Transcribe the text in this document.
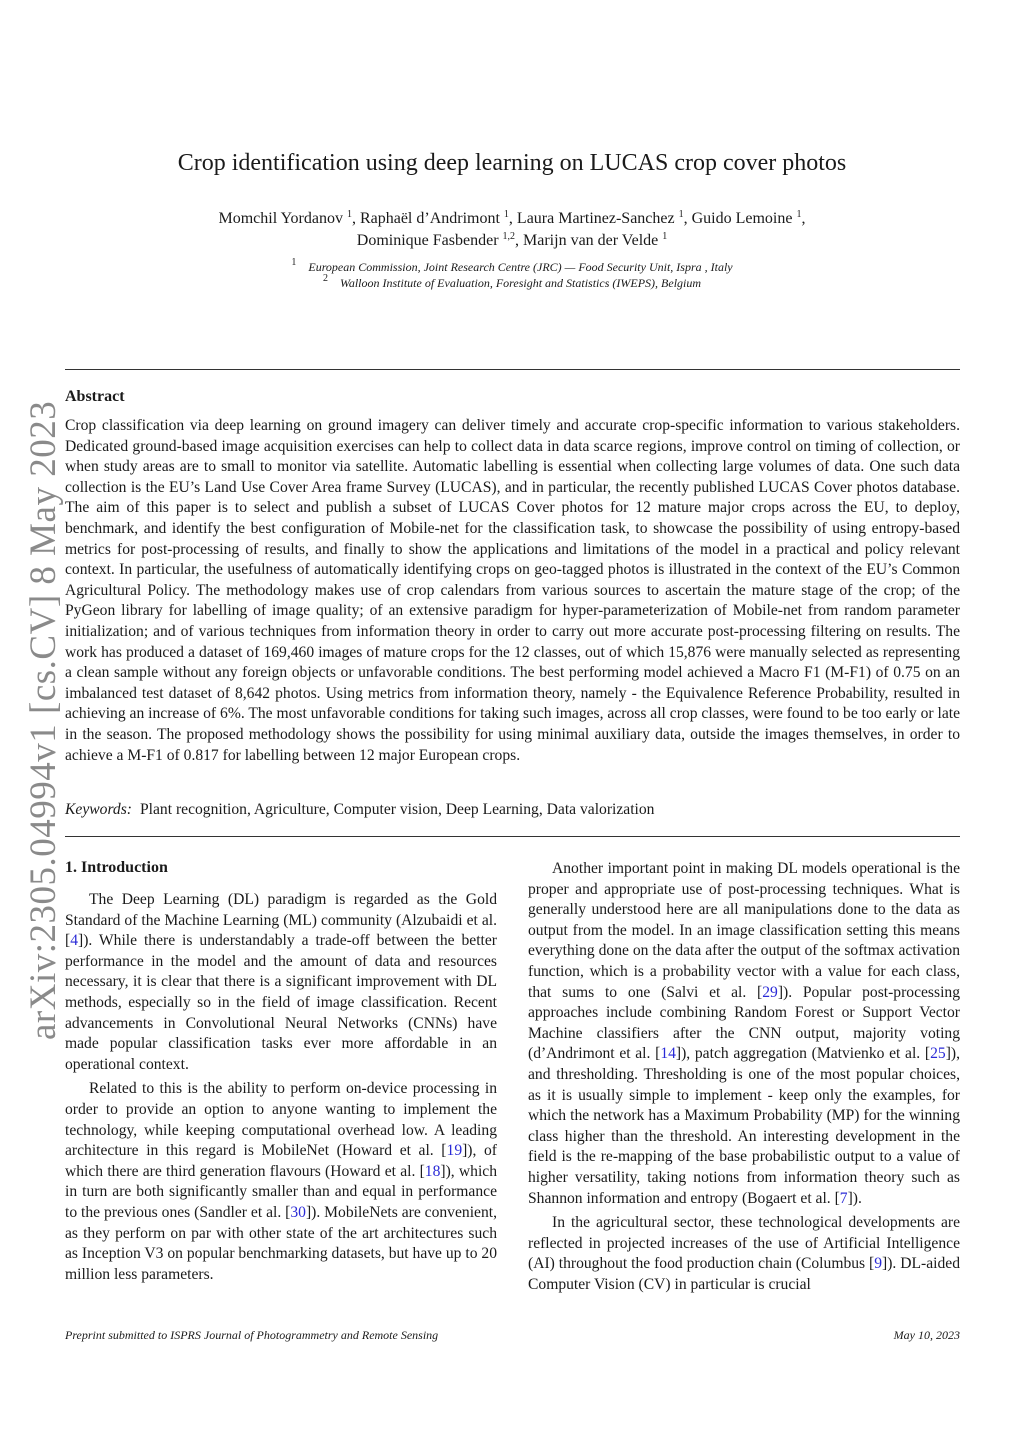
arXiv:2305.04994v1 [cs.CV] 8 May 2023
Crop identification using deep learning on LUCAS crop cover photos
Momchil Yordanov $^1$, Raphaël d’Andrimont $^1$, Laura Martinez-Sanchez $^1$, Guido Lemoine $^1$,
Dominique Fasbender $^{1,2}$, Marijn van der Velde $^1$
$^1$ European Commission, Joint Research Centre (JRC) — Food Security Unit, Ispra , Italy
$^2$ Walloon Institute of Evaluation, Foresight and Statistics (IWEPS), Belgium
Abstract

Crop classification via deep learning on ground imagery can deliver timely and accurate crop-specific information to various stakeholders. Dedicated ground-based image acquisition exercises can help to collect data in data scarce regions, improve control on timing of collection, or when study areas are to small to monitor via satellite. Automatic labelling is essential when collecting large volumes of data. One such data collection is the EU’s Land Use Cover Area frame Survey (LUCAS), and in particular, the recently published LUCAS Cover photos database. The aim of this paper is to select and publish a subset of LUCAS Cover photos for 12 mature major crops across the EU, to deploy, benchmark, and identify the best configuration of Mobile-net for the classification task, to showcase the possibility of using entropy-based metrics for post-processing of results, and finally to show the applications and limitations of the model in a practical and policy relevant context. In particular, the usefulness of automatically identifying crops on geo-tagged photos is illustrated in the context of the EU’s Common Agricultural Policy. The methodology makes use of crop calendars from various sources to ascertain the mature stage of the crop; of the PyGeon library for labelling of image quality; of an extensive paradigm for hyper-parameterization of Mobile-net from random parameter initialization; and of various techniques from information theory in order to carry out more accurate post-processing filtering on results. The work has produced a dataset of 169,460 images of mature crops for the 12 classes, out of which 15,876 were manually selected as representing a clean sample without any foreign objects or unfavorable conditions. The best performing model achieved a Macro F1 (M-F1) of 0.75 on an imbalanced test dataset of 8,642 photos. Using metrics from information theory, namely - the Equivalence Reference Probability, resulted in achieving an increase of 6%. The most unfavorable conditions for taking such images, across all crop classes, were found to be too early or late in the season. The proposed methodology shows the possibility for using minimal auxiliary data, outside the images themselves, in order to achieve a M-F1 of 0.817 for labelling between 12 major European crops.

Keywords: Plant recognition, Agriculture, Computer vision, Deep Learning, Data valorization
1. Introduction

The Deep Learning (DL) paradigm is regarded as the Gold Standard of the Machine Learning (ML) community (Alzubaidi et al. [4]). While there is understandably a trade-off between the better performance in the model and the amount of data and resources necessary, it is clear that there is a significant improvement with DL methods, especially so in the field of image classification. Recent advancements in Convolutional Neural Networks (CNNs) have made popular classification tasks ever more affordable in an operational context.

Related to this is the ability to perform on-device processing in order to provide an option to anyone wanting to implement the technology, while keeping computational overhead low. A leading architecture in this regard is MobileNet (Howard et al. [19]), of which there are third generation flavours (Howard et al. [18]), which in turn are both significantly smaller than and equal in performance to the previous ones (Sandler et al. [30]). MobileNets are convenient, as they perform on par with other state of the art architectures such as Inception V3 on popular benchmarking datasets, but have up to 20 million less parameters.

Another important point in making DL models operational is the proper and appropriate use of post-processing techniques. What is generally understood here are all manipulations done to the data as output from the model. In an image classification setting this means everything done on the data after the output of the softmax activation function, which is a probability vector with a value for each class, that sums to one (Salvi et al. [29]). Popular post-processing approaches include combining Random Forest or Support Vector Machine classifiers after the CNN output, majority voting (d’Andrimont et al. [14]), patch aggregation (Matvienko et al. [25]), and thresholding. Thresholding is one of the most popular choices, as it is usually simple to implement - keep only the examples, for which the network has a Maximum Probability (MP) for the winning class higher than the threshold. An interesting development in the field is the re-mapping of the base probabilistic output to a value of higher versatility, taking notions from information theory such as Shannon information and entropy (Bogaert et al. [7]).

In the agricultural sector, these technological developments are reflected in projected increases of the use of Artificial Intelligence (AI) throughout the food production chain (Columbus [9]). DL-aided Computer Vision (CV) in particular is crucial

Preprint submitted to ISPRS Journal of Photogrammetry and Remote Sensing	May 10, 2023
